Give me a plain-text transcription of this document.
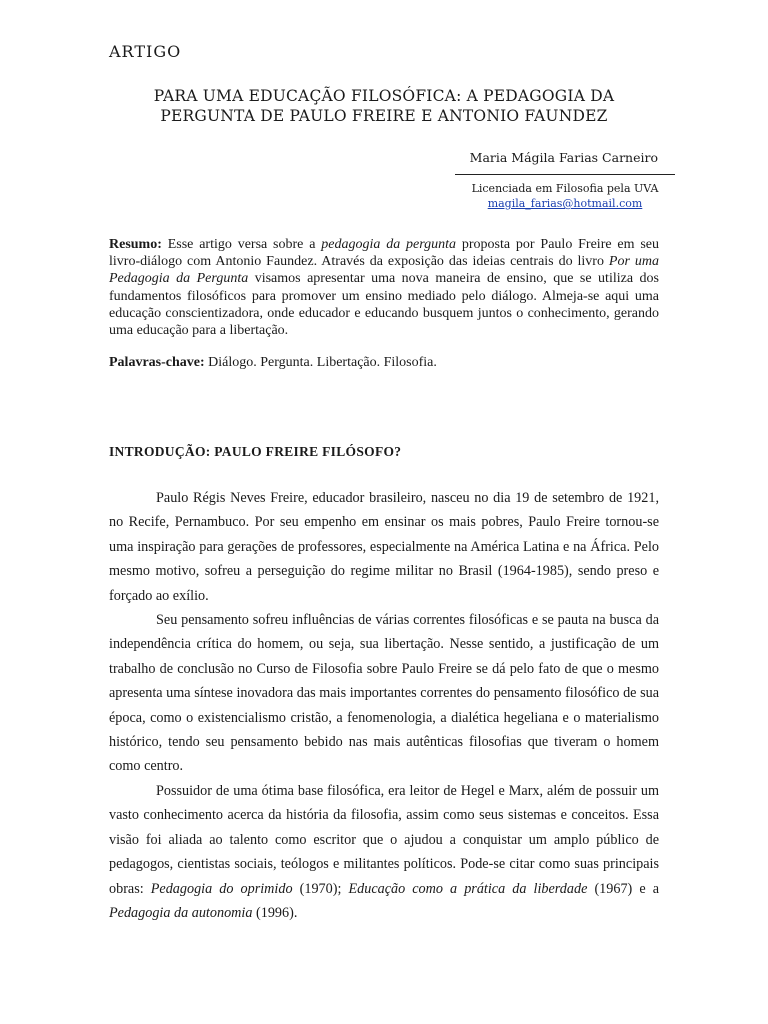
ARTIGO
PARA UMA EDUCAÇÃO FILOSÓFICA: A PEDAGOGIA DA
PERGUNTA DE PAULO FREIRE E ANTONIO FAUNDEZ
Maria Mágila Farias Carneiro
Licenciada em Filosofia pela UVA
magila_farias@hotmail.com
Resumo: Esse artigo versa sobre a pedagogia da pergunta proposta por Paulo Freire em seu livro-diálogo com Antonio Faundez. Através da exposição das ideias centrais do livro Por uma Pedagogia da Pergunta visamos apresentar uma nova maneira de ensino, que se utiliza dos fundamentos filosóficos para promover um ensino mediado pelo diálogo. Almeja-se aqui uma educação conscientizadora, onde educador e educando busquem juntos o conhecimento, gerando uma educação para a libertação.
Palavras-chave: Diálogo. Pergunta. Libertação. Filosofia.
INTRODUÇÃO: PAULO FREIRE FILÓSOFO?

Paulo Régis Neves Freire, educador brasileiro, nasceu no dia 19 de setembro de 1921, no Recife, Pernambuco. Por seu empenho em ensinar os mais pobres, Paulo Freire tornou-se uma inspiração para gerações de professores, especialmente na América Latina e na África. Pelo mesmo motivo, sofreu a perseguição do regime militar no Brasil (1964-1985), sendo preso e forçado ao exílio.

Seu pensamento sofreu influências de várias correntes filosóficas e se pauta na busca da independência crítica do homem, ou seja, sua libertação. Nesse sentido, a justificação de um trabalho de conclusão no Curso de Filosofia sobre Paulo Freire se dá pelo fato de que o mesmo apresenta uma síntese inovadora das mais importantes correntes do pensamento filosófico de sua época, como o existencialismo cristão, a fenomenologia, a dialética hegeliana e o materialismo histórico, tendo seu pensamento bebido nas mais autênticas filosofias que tiveram o homem como centro.

Possuidor de uma ótima base filosófica, era leitor de Hegel e Marx, além de possuir um vasto conhecimento acerca da história da filosofia, assim como seus sistemas e conceitos. Essa visão foi aliada ao talento como escritor que o ajudou a conquistar um amplo público de pedagogos, cientistas sociais, teólogos e militantes políticos. Pode-se citar como suas principais obras: Pedagogia do oprimido (1970); Educação como a prática da liberdade (1967) e a Pedagogia da autonomia (1996).
